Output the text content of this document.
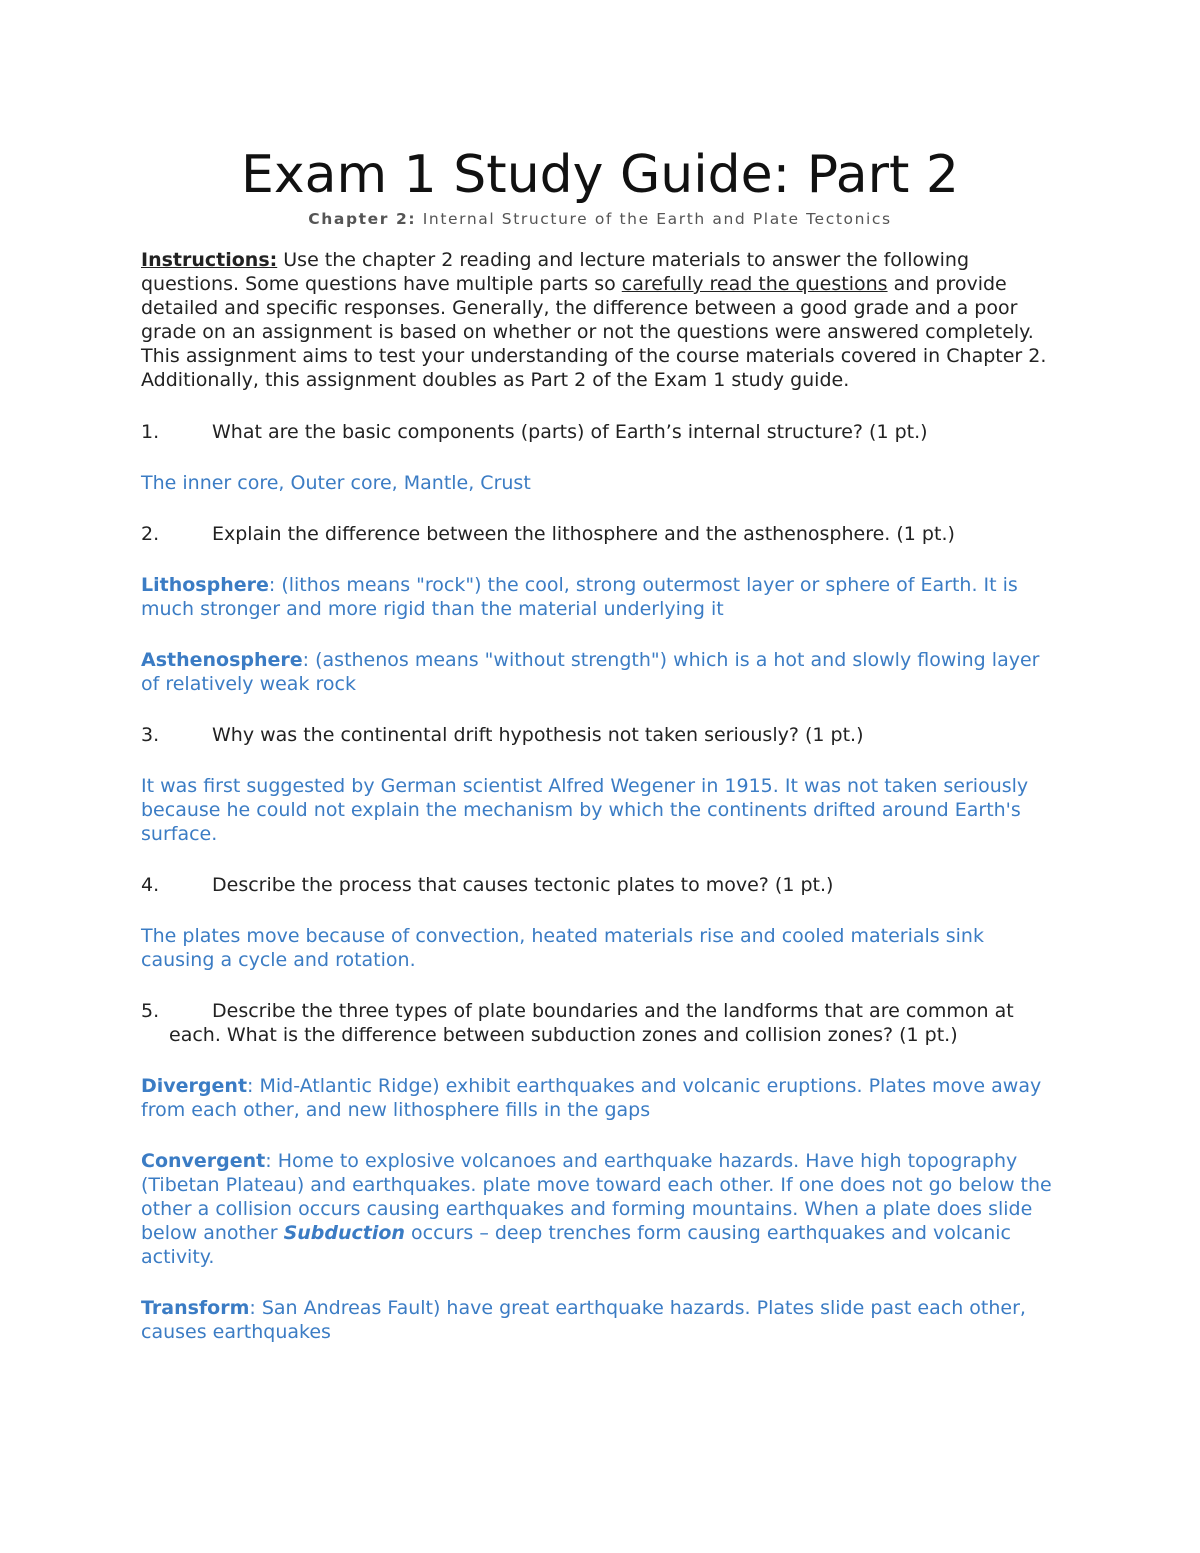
Exam 1 Study Guide: Part 2
Chapter 2: Internal Structure of the Earth and Plate Tectonics

Instructions: Use the chapter 2 reading and lecture materials to answer the following questions. Some questions have multiple parts so carefully read the questions and provide detailed and specific responses. Generally, the difference between a good grade and a poor grade on an assignment is based on whether or not the questions were answered completely. This assignment aims to test your understanding of the course materials covered in Chapter 2. Additionally, this assignment doubles as Part 2 of the Exam 1 study guide.

1.	What are the basic components (parts) of Earth’s internal structure? (1 pt.)

The inner core, Outer core, Mantle, Crust

2.	Explain the difference between the lithosphere and the asthenosphere. (1 pt.)

Lithosphere: (lithos means "rock") the cool, strong outermost layer or sphere of Earth. It is much stronger and more rigid than the material underlying it

Asthenosphere: (asthenos means "without strength") which is a hot and slowly flowing layer of relatively weak rock

3.	Why was the continental drift hypothesis not taken seriously? (1 pt.)

It was first suggested by German scientist Alfred Wegener in 1915. It was not taken seriously because he could not explain the mechanism by which the continents drifted around Earth's surface.

4.	Describe the process that causes tectonic plates to move? (1 pt.)

The plates move because of convection, heated materials rise and cooled materials sink causing a cycle and rotation.

5.	Describe the three types of plate boundaries and the landforms that are common at each. What is the difference between subduction zones and collision zones? (1 pt.)

Divergent: Mid-Atlantic Ridge) exhibit earthquakes and volcanic eruptions. Plates move away from each other, and new lithosphere fills in the gaps

Convergent: Home to explosive volcanoes and earthquake hazards. Have high topography (Tibetan Plateau) and earthquakes. plate move toward each other. If one does not go below the other a collision occurs causing earthquakes and forming mountains. When a plate does slide below another Subduction occurs – deep trenches form causing earthquakes and volcanic activity.

Transform: San Andreas Fault) have great earthquake hazards. Plates slide past each other, causes earthquakes
